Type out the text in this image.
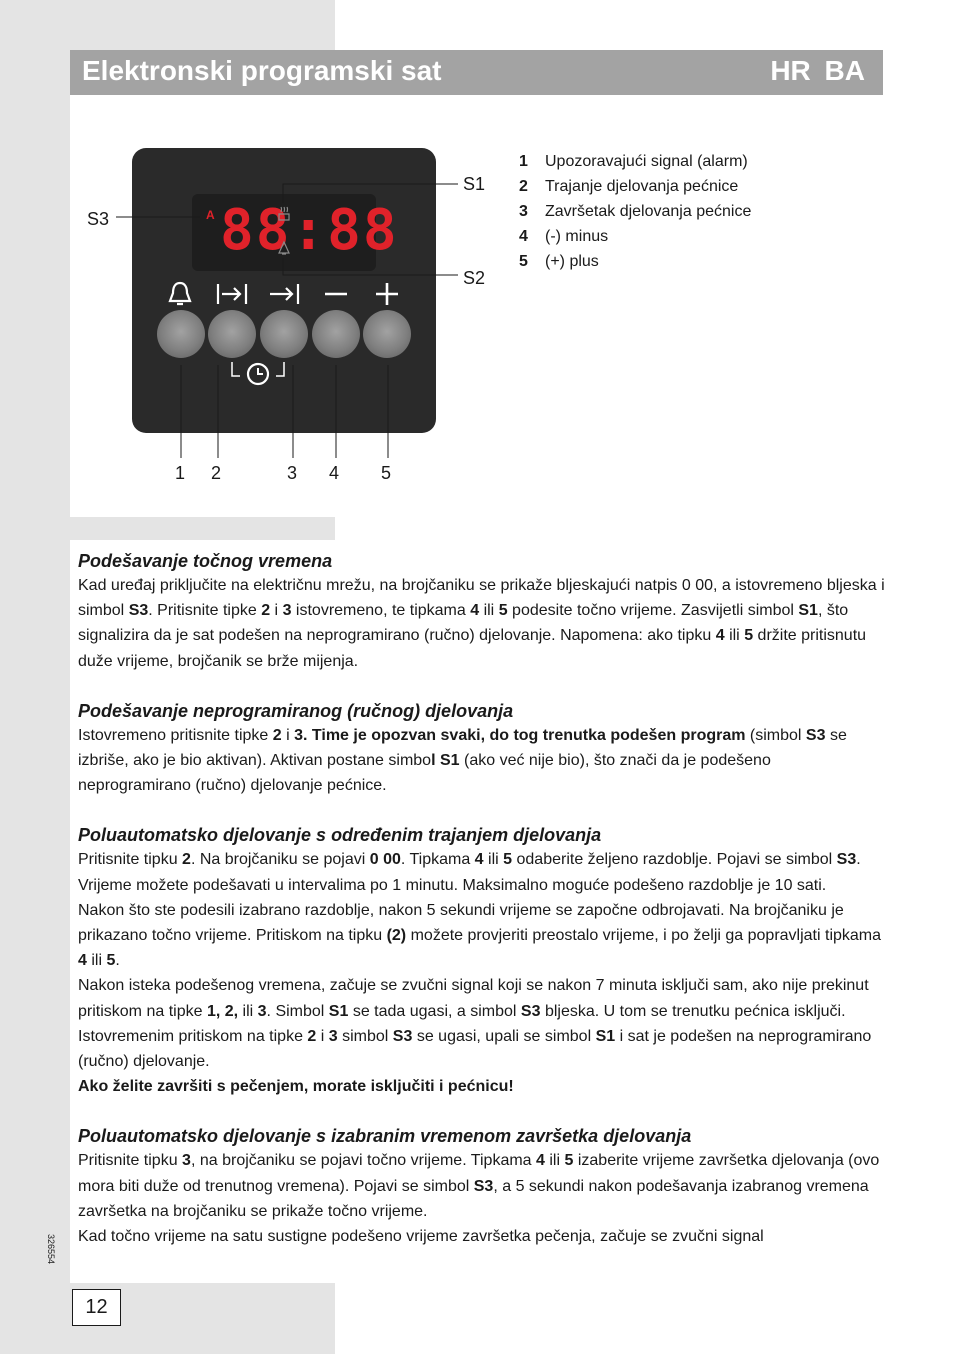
Elektronski programski sat	HR BA
A 88:88
S1
S2
S3
1 2	3 4 5
1 Upozoravajući signal (alarm)
2 Trajanje djelovanja pećnice
3 Završetak djelovanja pećnice
4 (-) minus
5 (+) plus
Podešavanje točnog vremena

Kad uređaj priključite na električnu mrežu, na brojčaniku se prikaže bljeskajući natpis 0 00, a istovremeno bljeska i simbol S3. Pritisnite tipke 2 i 3 istovremeno, te tipkama 4 ili 5 podesite točno vrijeme. Zasvijetli simbol S1, što signalizira da je sat podešen na neprogramirano (ručno) djelovanje. Napomena: ako tipku 4 ili 5 držite pritisnutu duže vrijeme, brojčanik se brže mijenja.

Podešavanje neprogramiranog (ručnog) djelovanja

Istovremeno pritisnite tipke 2 i 3. Time je opozvan svaki, do tog trenutka podešen program (simbol S3 se izbriše, ako je bio aktivan). Aktivan postane simbol S1 (ako već nije bio), što znači da je podešeno neprogramirano (ručno) djelovanje pećnice.

Poluautomatsko djelovanje s određenim trajanjem djelovanja

Pritisnite tipku 2. Na brojčaniku se pojavi 0 00. Tipkama 4 ili 5 odaberite željeno razdoblje. Pojavi se simbol S3. Vrijeme možete podešavati u intervalima po 1 minutu. Maksimalno moguće podešeno razdoblje je 10 sati.

Nakon što ste podesili izabrano razdoblje, nakon 5 sekundi vrijeme se započne odbrojavati. Na brojčaniku je prikazano točno vrijeme. Pritiskom na tipku (2) možete provjeriti preostalo vrijeme, i po želji ga popravljati tipkama 4 ili 5.

Nakon isteka podešenog vremena, začuje se zvučni signal koji se nakon 7 minuta isključi sam, ako nije prekinut pritiskom na tipke 1, 2, ili 3. Simbol S1 se tada ugasi, a simbol S3 bljeska. U tom se trenutku pećnica isključi. Istovremenim pritiskom na tipke 2 i 3 simbol S3 se ugasi, upali se simbol S1 i sat je podešen na neprogramirano (ručno) djelovanje.

Ako želite završiti s pečenjem, morate isključiti i pećnicu!

Poluautomatsko djelovanje s izabranim vremenom završetka djelovanja

Pritisnite tipku 3, na brojčaniku se pojavi točno vrijeme. Tipkama 4 ili 5 izaberite vrijeme završetka djelovanja (ovo mora biti duže od trenutnog vremena). Pojavi se simbol S3, a 5 sekundi nakon podešavanja izabranog vremena završetka na brojčaniku se prikaže točno vrijeme.

Kad točno vrijeme na satu sustigne podešeno vrijeme završetka pečenja, začuje se zvučni signal

326554
12
